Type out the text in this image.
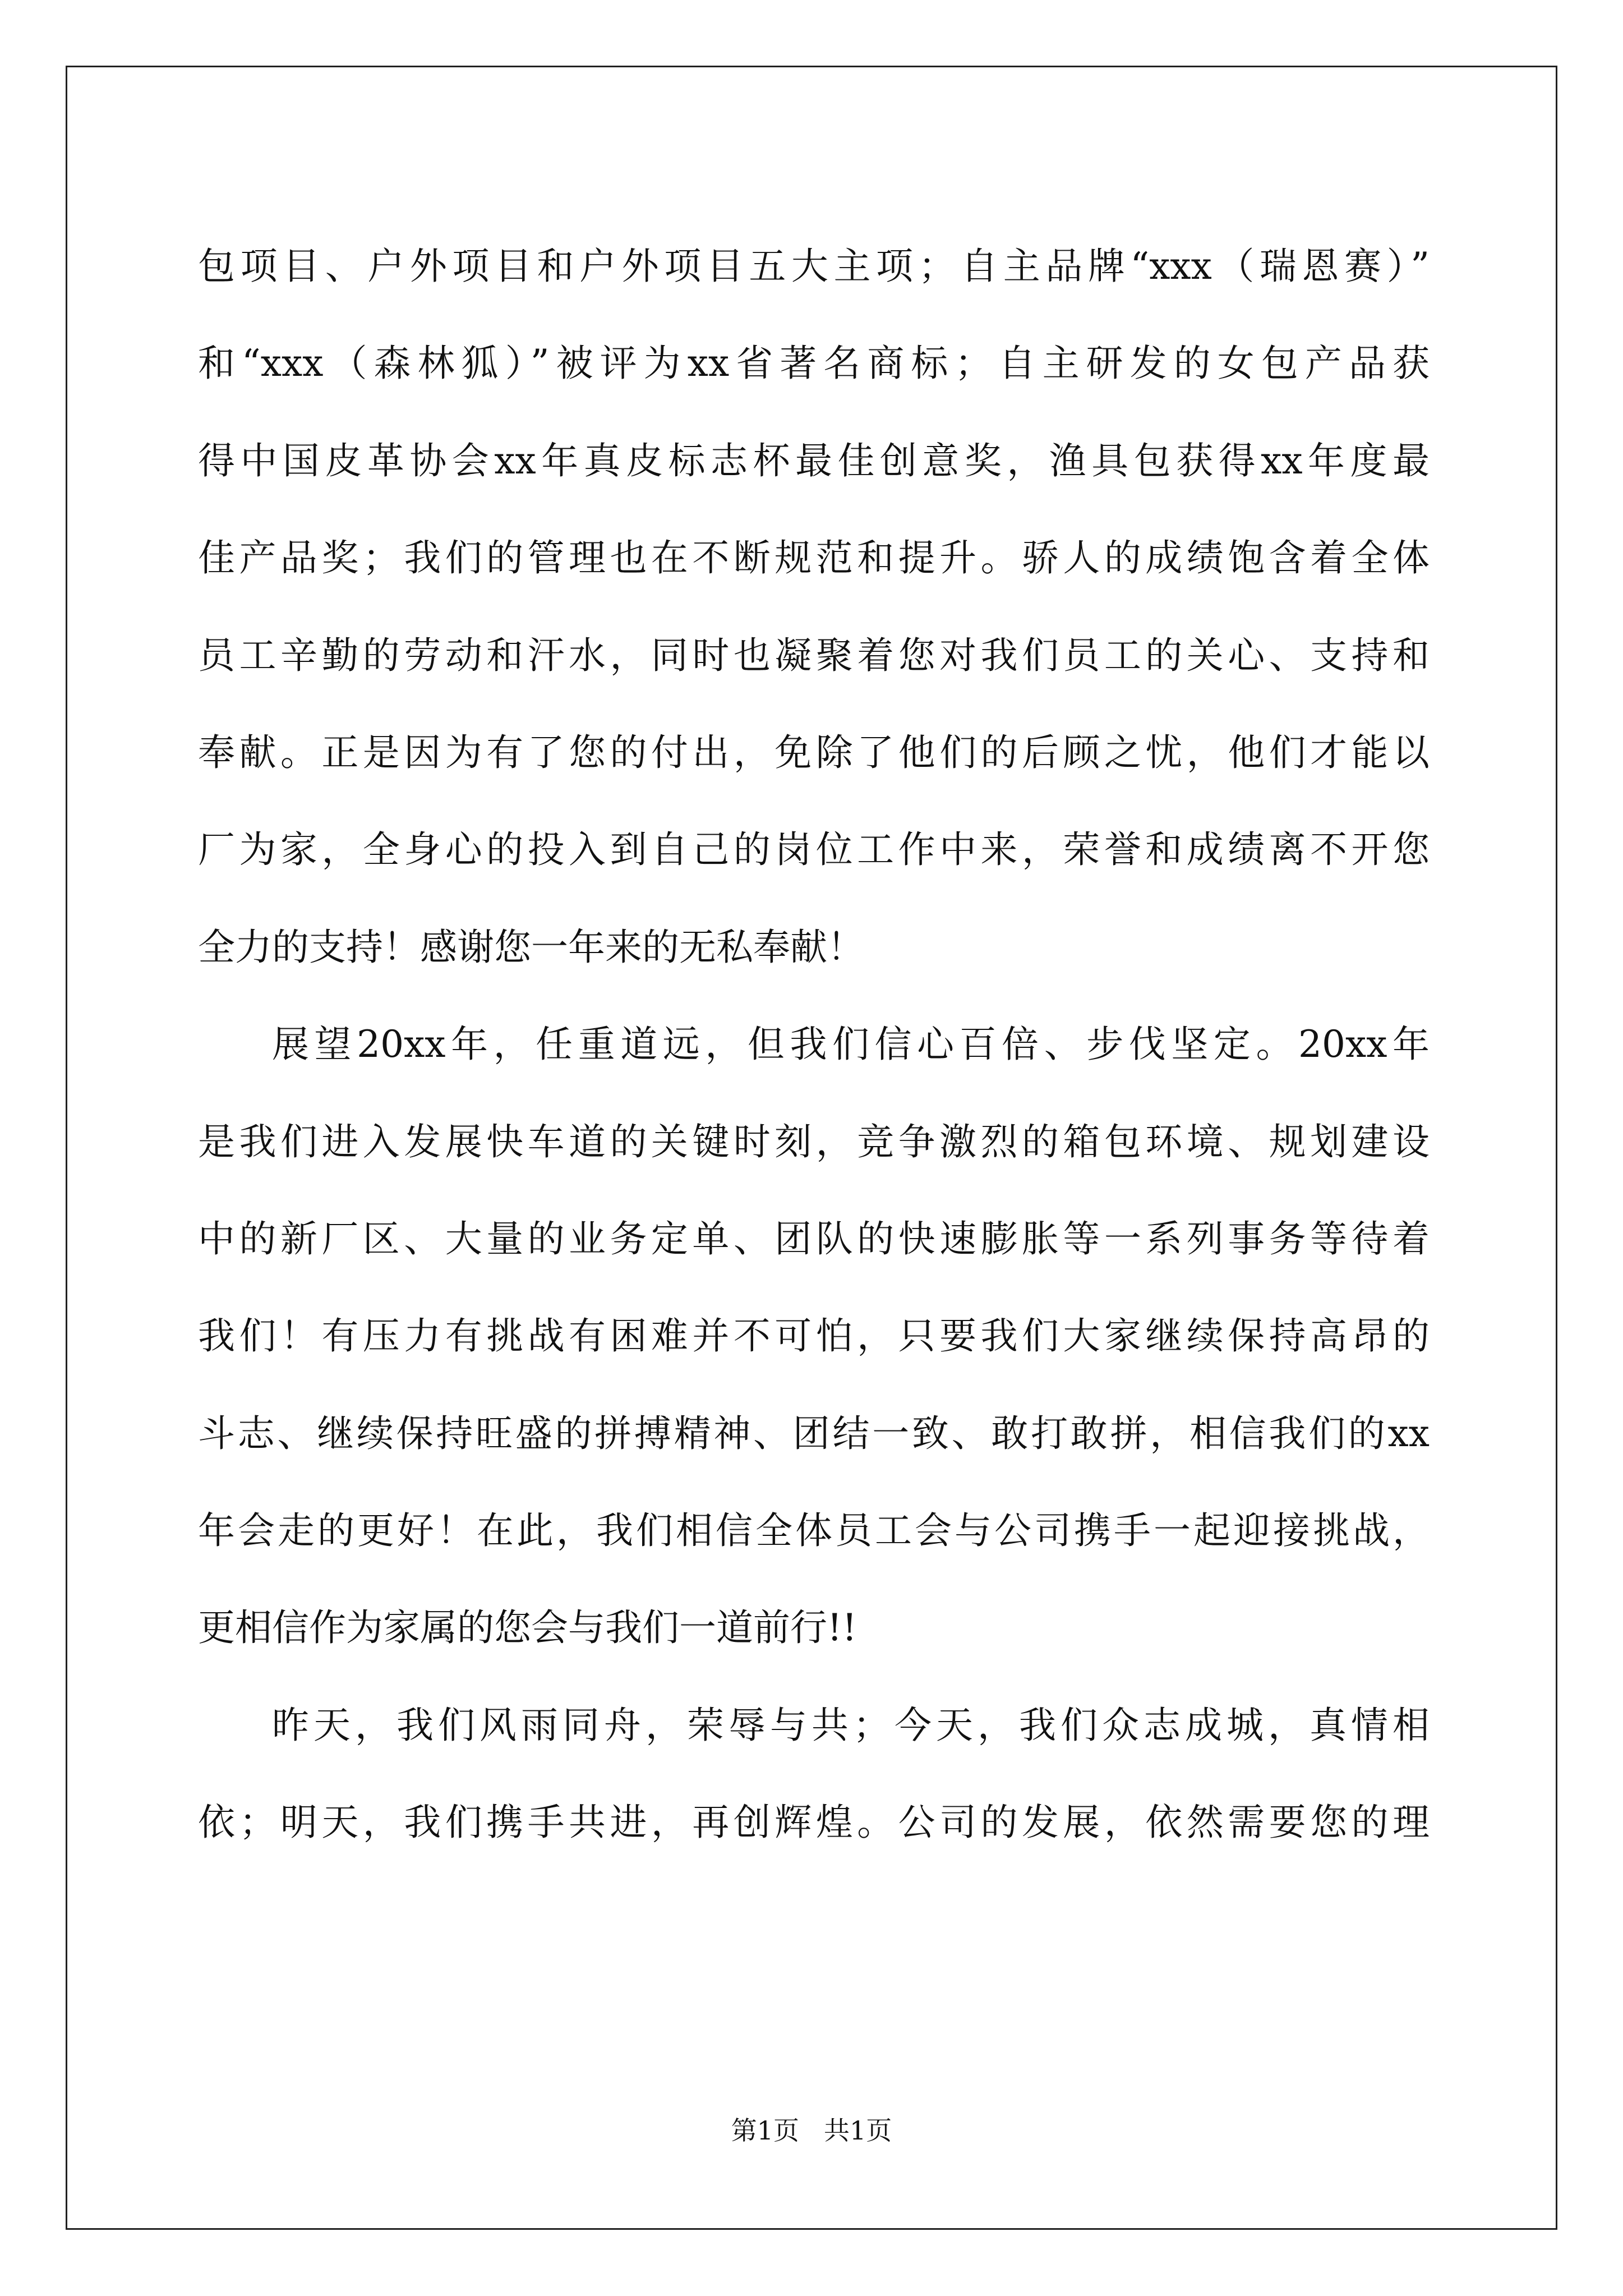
包项目、户外项目和户外项目五大主项；自主品牌“xxx（瑞恩赛）”
和“xxx（森林狐）”被评为xx省著名商标；自主研发的女包产品获
得中国皮革协会xx年真皮标志杯最佳创意奖，渔具包获得xx年度最
佳产品奖；我们的管理也在不断规范和提升。骄人的成绩饱含着全体
员工辛勤的劳动和汗水，同时也凝聚着您对我们员工的关心、支持和
奉献。正是因为有了您的付出，免除了他们的后顾之忧，他们才能以
厂为家，全身心的投入到自己的岗位工作中来，荣誉和成绩离不开您
全力的支持！感谢您一年来的无私奉献！
展望20xx年，任重道远，但我们信心百倍、步伐坚定。20xx年
是我们进入发展快车道的关键时刻，竞争激烈的箱包环境、规划建设
中的新厂区、大量的业务定单、团队的快速膨胀等一系列事务等待着
我们！有压力有挑战有困难并不可怕，只要我们大家继续保持高昂的
斗志、继续保持旺盛的拼搏精神、团结一致、敢打敢拼，相信我们的xx
年会走的更好！在此，我们相信全体员工会与公司携手一起迎接挑战，
更相信作为家属的您会与我们一道前行!!
昨天，我们风雨同舟，荣辱与共；今天，我们众志成城，真情相
依；明天，我们携手共进，再创辉煌。公司的发展，依然需要您的理
第1页 共1页
